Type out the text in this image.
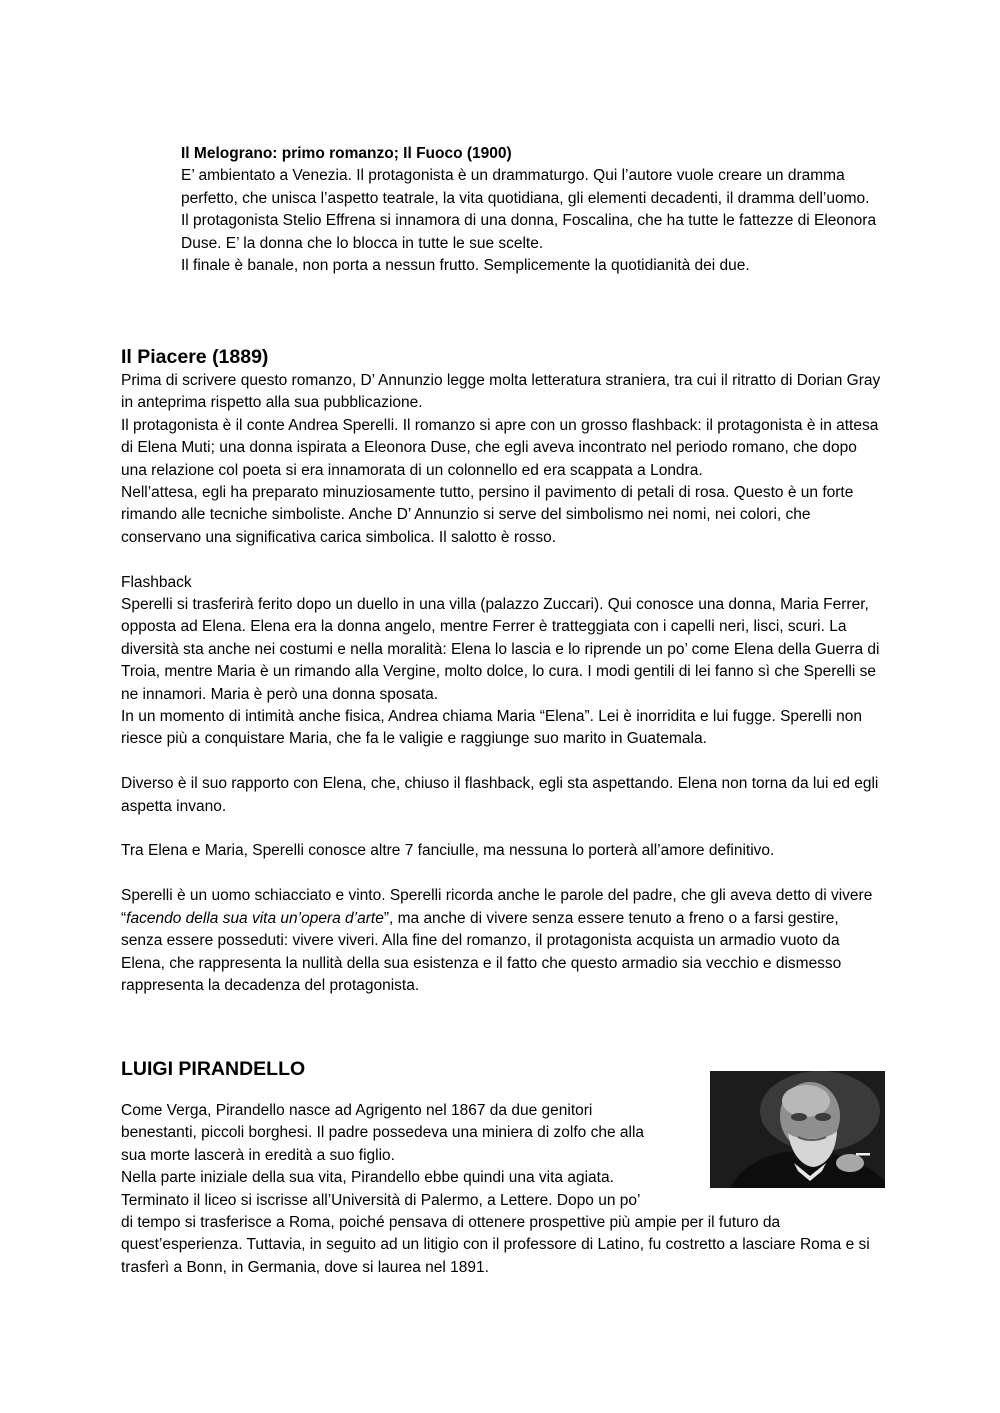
Il Melograno: primo romanzo; Il Fuoco (1900)

E’ ambientato a Venezia. Il protagonista è un drammaturgo. Qui l’autore vuole creare un dramma perfetto, che unisca l’aspetto teatrale, la vita quotidiana, gli elementi decadenti, il dramma dell’uomo.

Il protagonista Stelio Effrena si innamora di una donna, Foscalina, che ha tutte le fattezze di Eleonora Duse. E’ la donna che lo blocca in tutte le sue scelte.

Il finale è banale, non porta a nessun frutto. Semplicemente la quotidianità dei due.

Il Piacere (1889)

Prima di scrivere questo romanzo, D’ Annunzio legge molta letteratura straniera, tra cui il ritratto di Dorian Gray in anteprima rispetto alla sua pubblicazione.

Il protagonista è il conte Andrea Sperelli. Il romanzo si apre con un grosso flashback: il protagonista è in attesa di Elena Muti; una donna ispirata a Eleonora Duse, che egli aveva incontrato nel periodo romano, che dopo una relazione col poeta si era innamorata di un colonnello ed era scappata a Londra.

Nell’attesa, egli ha preparato minuziosamente tutto, persino il pavimento di petali di rosa. Questo è un forte rimando alle tecniche simboliste. Anche D’ Annunzio si serve del simbolismo nei nomi, nei colori, che conservano una significativa carica simbolica. Il salotto è rosso.

Flashback

Sperelli si trasferirà ferito dopo un duello in una villa (palazzo Zuccari). Qui conosce una donna, Maria Ferrer, opposta ad Elena. Elena era la donna angelo, mentre Ferrer è tratteggiata con i capelli neri, lisci, scuri. La diversità sta anche nei costumi e nella moralità: Elena lo lascia e lo riprende un po’ come Elena della Guerra di Troia, mentre Maria è un rimando alla Vergine, molto dolce, lo cura. I modi gentili di lei fanno sì che Sperelli se ne innamori. Maria è però una donna sposata.

In un momento di intimità anche fisica, Andrea chiama Maria “Elena”. Lei è inorridita e lui fugge. Sperelli non riesce più a conquistare Maria, che fa le valigie e raggiunge suo marito in Guatemala.

Diverso è il suo rapporto con Elena, che, chiuso il flashback, egli sta aspettando. Elena non torna da lui ed egli aspetta invano.

Tra Elena e Maria, Sperelli conosce altre 7 fanciulle, ma nessuna lo porterà all’amore definitivo.

Sperelli è un uomo schiacciato e vinto. Sperelli ricorda anche le parole del padre, che gli aveva detto di vivere “facendo della sua vita un’opera d’arte”, ma anche di vivere senza essere tenuto a freno o a farsi gestire, senza essere posseduti: vivere viveri. Alla fine del romanzo, il protagonista acquista un armadio vuoto da Elena, che rappresenta la nullità della sua esistenza e il fatto che questo armadio sia vecchio e dismesso rappresenta la decadenza del protagonista.

LUIGI PIRANDELLO

Come Verga, Pirandello nasce ad Agrigento nel 1867 da due genitori

benestanti, piccoli borghesi. Il padre possedeva una miniera di zolfo che alla

sua morte lascerà in eredità a suo figlio.

Nella parte iniziale della sua vita, Pirandello ebbe quindi una vita agiata.

Terminato il liceo si iscrisse all’Università di Palermo, a Lettere. Dopo un po’

di tempo si trasferisce a Roma, poiché pensava di ottenere prospettive più ampie per il futuro da quest’esperienza. Tuttavia, in seguito ad un litigio con il professore di Latino, fu costretto a lasciare Roma e si trasferì a Bonn, in Germania, dove si laurea nel 1891.
